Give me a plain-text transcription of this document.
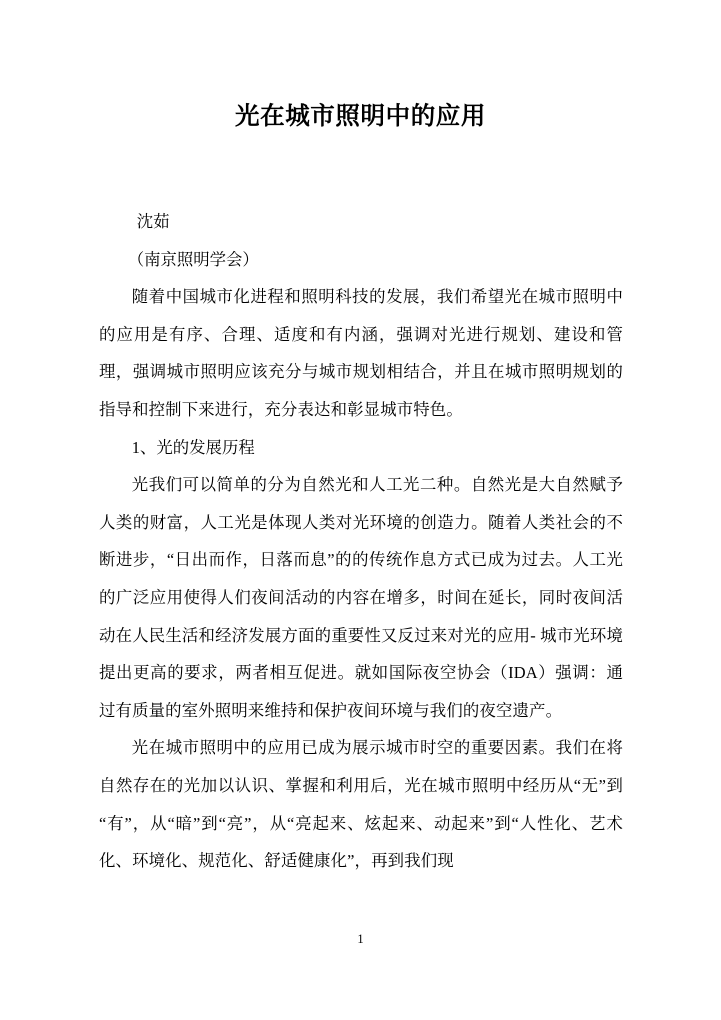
光在城市照明中的应用

沈茹

（南京照明学会）

随着中国城市化进程和照明科技的发展，我们希望光在城市照明中的应用是有序、合理、适度和有内涵，强调对光进行规划、建设和管理，强调城市照明应该充分与城市规划相结合，并且在城市照明规划的指导和控制下来进行，充分表达和彰显城市特色。

1、光的发展历程

光我们可以简单的分为自然光和人工光二种。自然光是大自然赋予人类的财富，人工光是体现人类对光环境的创造力。随着人类社会的不断进步，“日出而作，日落而息”的的传统作息方式已成为过去。人工光的广泛应用使得人们夜间活动的内容在增多，时间在延长，同时夜间活动在人民生活和经济发展方面的重要性又反过来对光的应用- 城市光环境提出更高的要求，两者相互促进。就如国际夜空协会（IDA）强调：通过有质量的室外照明来维持和保护夜间环境与我们的夜空遗产。

光在城市照明中的应用已成为展示城市时空的重要因素。我们在将自然存在的光加以认识、掌握和利用后，光在城市照明中经历从“无”到“有”，从“暗”到“亮”，从“亮起来、炫起来、动起来”到“人性化、艺术化、环境化、规范化、舒适健康化”，再到我们现

1
